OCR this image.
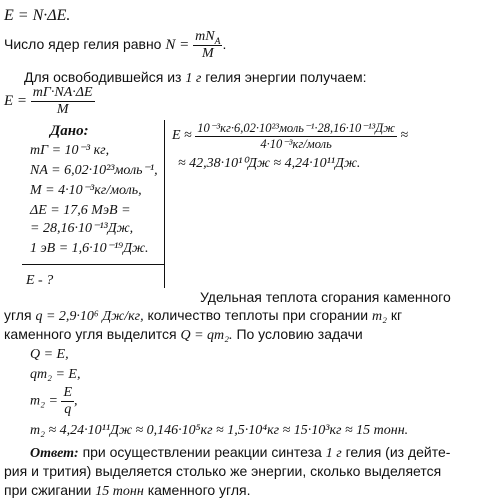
E = N·ΔE.
Число ядер гелия равно $N = \frac{mN_A}{M}$ .
Для освободившейся из 1 г гелия энергии получаем:
$E = \frac{mГ\cdot NA\cdot\Delta E}{M}$
Дано:
mГ = 10⁻³ кг,
NA = 6,02·10²³моль⁻¹,
M = 4·10⁻³кг/моль,
ΔE = 17,6 МэВ =
= 28,16·10⁻¹³Дж,
1 эВ = 1,6·10⁻¹⁹Дж.
E - ?
$E \approx \frac{\text{10⁻³кг·6,02·10²³моль⁻¹·28,16·10⁻¹³Дж}}{\text{4·10⁻³кг/моль}}$ ≈
≈ 42,38·10¹⁰Дж ≈ 4,24·10¹¹Дж.
Удельная теплота сгорания каменного
угля q = 2,9·10⁶ Дж/кг, количество теплоты при сгорании m₂ кг
каменного угля выделится Q = qm₂. По условию задачи
Q = E,
qm₂ = E,
$m_2 = \frac{E}{q}$ ,
m₂ ≈ 4,24·10¹¹Дж ≈ 0,146·10⁵кг ≈ 1,5·10⁴кг ≈ 15·10³кг ≈ 15 тонн.
Ответ: при осуществлении реакции синтеза 1 г гелия (из дейте-
рия и трития) выделяется столько же энергии, сколько выделяется
при сжигании 15 тонн каменного угля.
